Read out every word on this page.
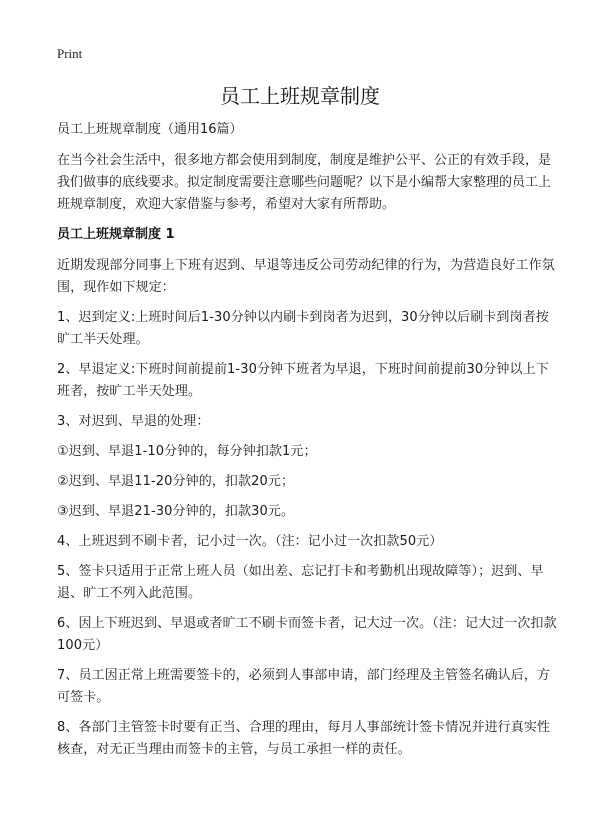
Print
员工上班规章制度

员工上班规章制度（通用16篇）

在当今社会生活中，很多地方都会使用到制度，制度是维护公平、公正的有效手段，是我们做事的底线要求。拟定制度需要注意哪些问题呢？以下是小编帮大家整理的员工上班规章制度，欢迎大家借鉴与参考，希望对大家有所帮助。

员工上班规章制度 1

近期发现部分同事上下班有迟到、早退等违反公司劳动纪律的行为，为营造良好工作氛围，现作如下规定：

1、迟到定义:上班时间后1-30分钟以内刷卡到岗者为迟到，30分钟以后刷卡到岗者按旷工半天处理。

2、早退定义:下班时间前提前1-30分钟下班者为早退，下班时间前提前30分钟以上下班者，按旷工半天处理。

3、对迟到、早退的处理：

①迟到、早退1-10分钟的，每分钟扣款1元；

②迟到、早退11-20分钟的，扣款20元；

③迟到、早退21-30分钟的，扣款30元。

4、上班迟到不刷卡者，记小过一次。（注：记小过一次扣款50元）

5、签卡只适用于正常上班人员（如出差、忘记打卡和考勤机出现故障等）；迟到、早退、旷工不列入此范围。

6、因上下班迟到、早退或者旷工不刷卡而签卡者，记大过一次。（注：记大过一次扣款100元）

7、员工因正常上班需要签卡的，必须到人事部申请，部门经理及主管签名确认后，方可签卡。

8、各部门主管签卡时要有正当、合理的理由，每月人事部统计签卡情况并进行真实性核查，对无正当理由而签卡的主管，与员工承担一样的责任。
